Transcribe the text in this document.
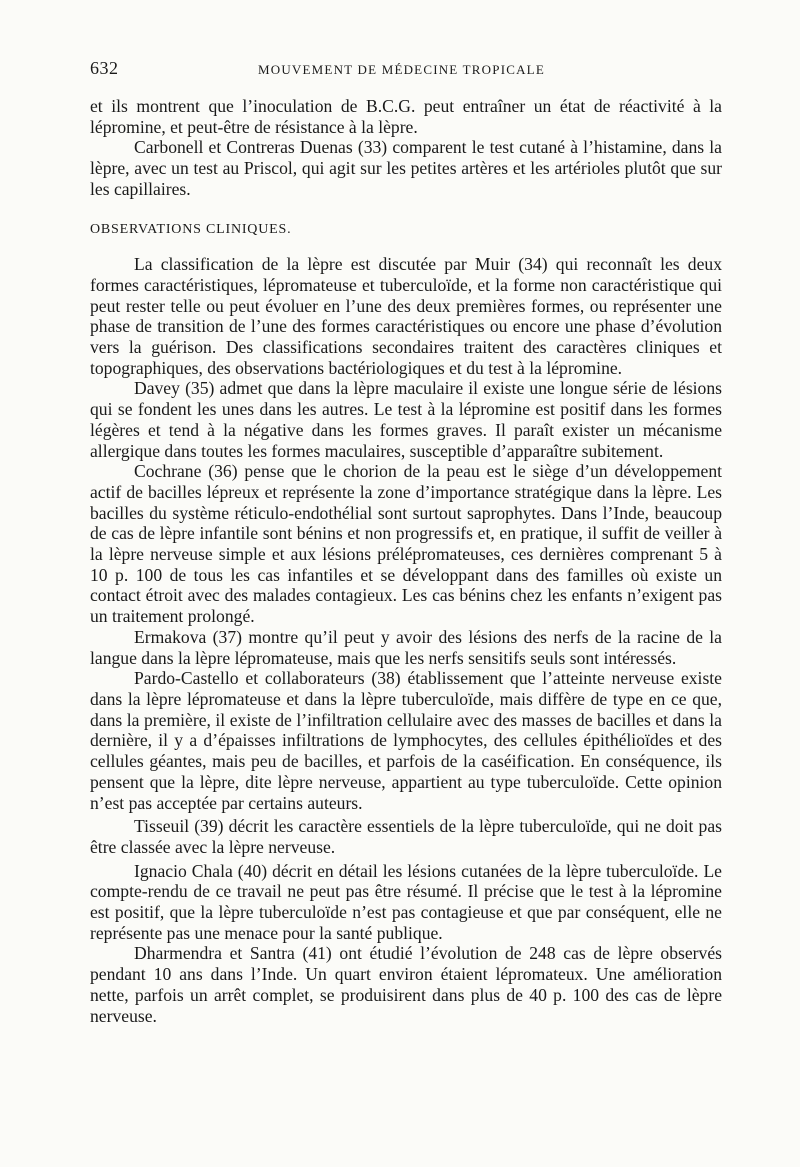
632	MOUVEMENT DE MÉDECINE TROPICALE

et ils montrent que l’inoculation de B.C.G. peut entraîner un état de réactivité à la lépromine, et peut-être de résistance à la lèpre.

Carbonell et Contreras Duenas (33) comparent le test cutané à l’histamine, dans la lèpre, avec un test au Priscol, qui agit sur les petites artères et les artérioles plutôt que sur les capillaires.

OBSERVATIONS CLINIQUES.

La classification de la lèpre est discutée par Muir (34) qui reconnaît les deux formes caractéristiques, lépromateuse et tuberculoïde, et la forme non caractéristique qui peut rester telle ou peut évoluer en l’une des deux premières formes, ou représenter une phase de transition de l’une des formes caractéristiques ou encore une phase d’évolution vers la guérison. Des classifications secondaires traitent des caractères cliniques et topographiques, des observations bactériologiques et du test à la lépromine.

Davey (35) admet que dans la lèpre maculaire il existe une longue série de lésions qui se fondent les unes dans les autres. Le test à la lépromine est positif dans les formes légères et tend à la négative dans les formes graves. Il paraît exister un mécanisme allergique dans toutes les formes maculaires, susceptible d’apparaître subitement.

Cochrane (36) pense que le chorion de la peau est le siège d’un développement actif de bacilles lépreux et représente la zone d’importance stratégique dans la lèpre. Les bacilles du système réticulo-endothélial sont surtout saprophytes. Dans l’Inde, beaucoup de cas de lèpre infantile sont bénins et non progressifs et, en pratique, il suffit de veiller à la lèpre nerveuse simple et aux lésions prélépromateuses, ces dernières comprenant 5 à 10 p. 100 de tous les cas infantiles et se développant dans des familles où existe un contact étroit avec des malades contagieux. Les cas bénins chez les enfants n’exigent pas un traitement prolongé.

Ermakova (37) montre qu’il peut y avoir des lésions des nerfs de la racine de la langue dans la lèpre lépromateuse, mais que les nerfs sensitifs seuls sont intéressés.

Pardo-Castello et collaborateurs (38) établissement que l’atteinte nerveuse existe dans la lèpre lépromateuse et dans la lèpre tuberculoïde, mais diffère de type en ce que, dans la première, il existe de l’infiltration cellulaire avec des masses de bacilles et dans la dernière, il y a d’épaisses infiltrations de lymphocytes, des cellules épithélioïdes et des cellules géantes, mais peu de bacilles, et parfois de la caséification. En conséquence, ils pensent que la lèpre, dite lèpre nerveuse, appartient au type tuberculoïde. Cette opinion n’est pas acceptée par certains auteurs.

Tisseuil (39) décrit les caractère essentiels de la lèpre tuberculoïde, qui ne doit pas être classée avec la lèpre nerveuse.

Ignacio Chala (40) décrit en détail les lésions cutanées de la lèpre tuberculoïde. Le compte-rendu de ce travail ne peut pas être résumé. Il précise que le test à la lépromine est positif, que la lèpre tuberculoïde n’est pas contagieuse et que par conséquent, elle ne représente pas une menace pour la santé publique.

Dharmendra et Santra (41) ont étudié l’évolution de 248 cas de lèpre observés pendant 10 ans dans l’Inde. Un quart environ étaient lépromateux. Une amélioration nette, parfois un arrêt complet, se produisirent dans plus de 40 p. 100 des cas de lèpre nerveuse.
